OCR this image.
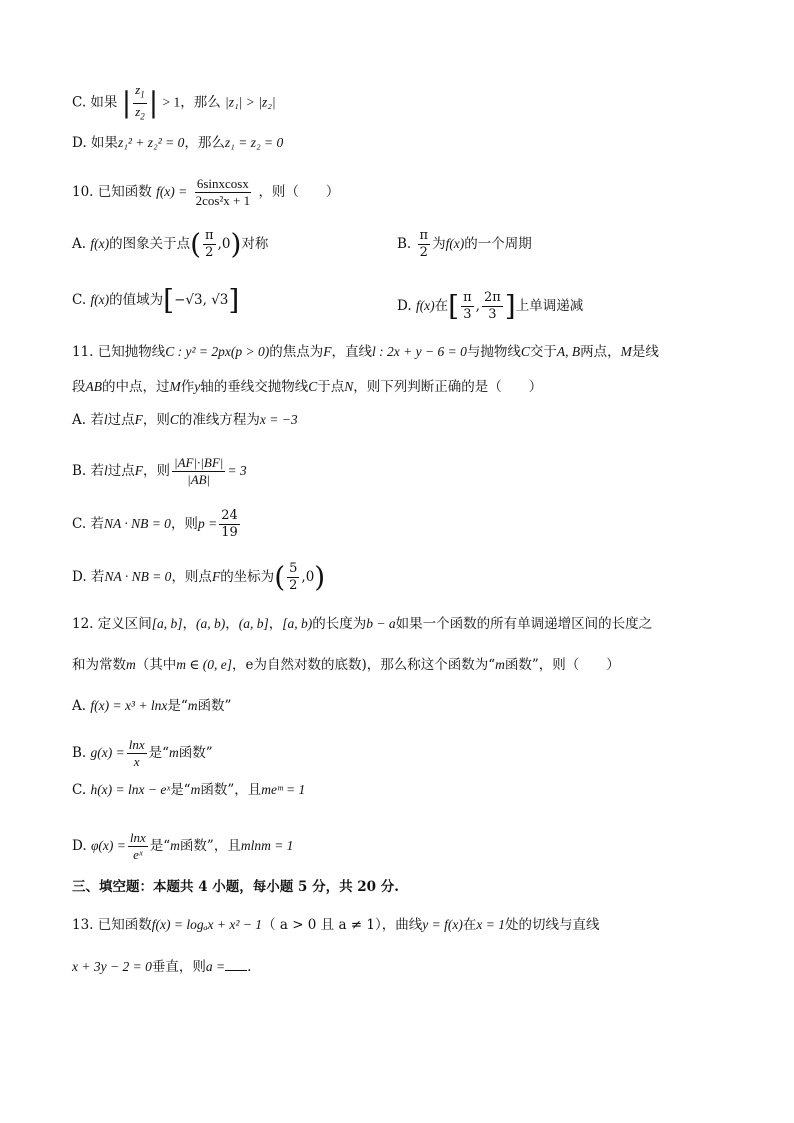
C. 如果 | $\frac{z_1}{z_2}$ | > 1，那么 |z₁| > |z₂|
D. 如果z₁² + z₂² = 0，那么z₁ = z₂ = 0
10. 已知函数 $f(x) = \frac{\text{6sinxcosx}}{\text{2cos²x + 1}}$ ，则（　　）
A. f(x)的图象关于点( $\frac{\pi}{2} ,0$)对称	B. $\frac{\pi}{2}$ 为f(x)的一个周期
C. f(x)的值域为[−√3, √3]	D. f(x)在[ $\frac{\pi}{3}$ , $\frac{2\pi}{3}$ ]上单调递减
11. 已知抛物线C : y² = 2px(p > 0)的焦点为F，直线l : 2x + y − 6 = 0与抛物线C交于A, B两点，M是线
段AB的中点，过M作y轴的垂线交抛物线C于点N，则下列判断正确的是（　　）
A. 若l过点F，则C的准线方程为x = −3
B. 若l过点F，则 $\frac{|AF|\cdot|BF|}{|AB|} = 3$
C. 若NA · NB = 0，则$p = \frac{24}{19}$
D. 若NA · NB = 0，则点F的坐标为( $\frac{5}{2} ,0$)
12. 定义区间[a, b]，(a, b)，(a, b]，[a, b)的长度为b − a如果一个函数的所有单调递增区间的长度之
和为常数m（其中m ∈ (0, e]，e为自然对数的底数)，那么称这个函数为“m函数”，则（　　）
A. f(x) = x³ + lnx是“m函数”
B. $g(x) = \frac{\ln x}{x}$ 是“m函数”
C. h(x) = lnx − eˣ是“m函数”，且meᵐ = 1
D. $\varphi(x) = \frac{\ln x}{\text{eˣ}}$ 是“m函数”，且mlnm = 1
三、填空题：本题共 4 小题，每小题 5 分，共 20 分.
13. 已知函数f(x) = logₐx + x² − 1（ a > 0 且 a ≠ 1），曲线y = f(x)在x = 1处的切线与直线
x + 3y − 2 = 0垂直，则a = .
